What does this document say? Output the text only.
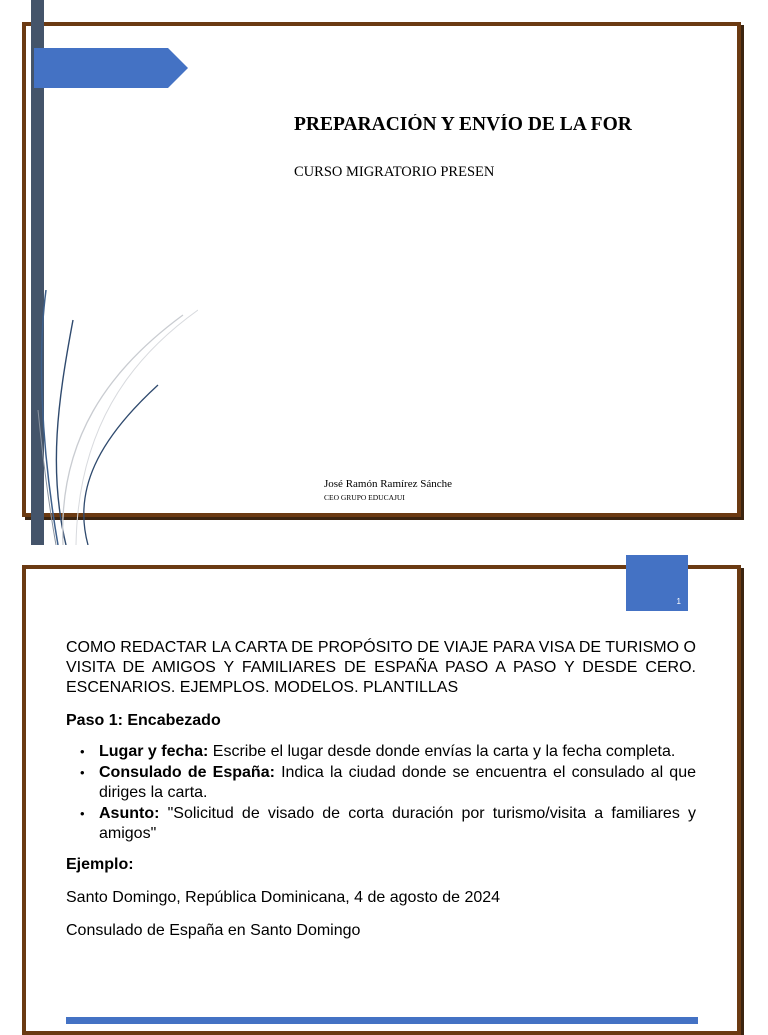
PREPARACIÓN Y ENVÍO DE LA FOR
CURSO MIGRATORIO PRESEN
José Ramón Ramírez Sánche
CEO GRUPO EDUCAJUI
1

COMO REDACTAR LA CARTA DE PROPÓSITO DE VIAJE PARA VISA DE TURISMO O VISITA DE AMIGOS Y FAMILIARES DE ESPAÑA PASO A PASO Y DESDE CERO. ESCENARIOS. EJEMPLOS. MODELOS. PLANTILLAS

Paso 1: Encabezado

• Lugar y fecha: Escribe el lugar desde donde envías la carta y la fecha completa.
• Consulado de España: Indica la ciudad donde se encuentra el consulado al que diriges la carta.
• Asunto: "Solicitud de visado de corta duración por turismo/visita a familiares y amigos"

Ejemplo:

Santo Domingo, República Dominicana, 4 de agosto de 2024

Consulado de España en Santo Domingo
